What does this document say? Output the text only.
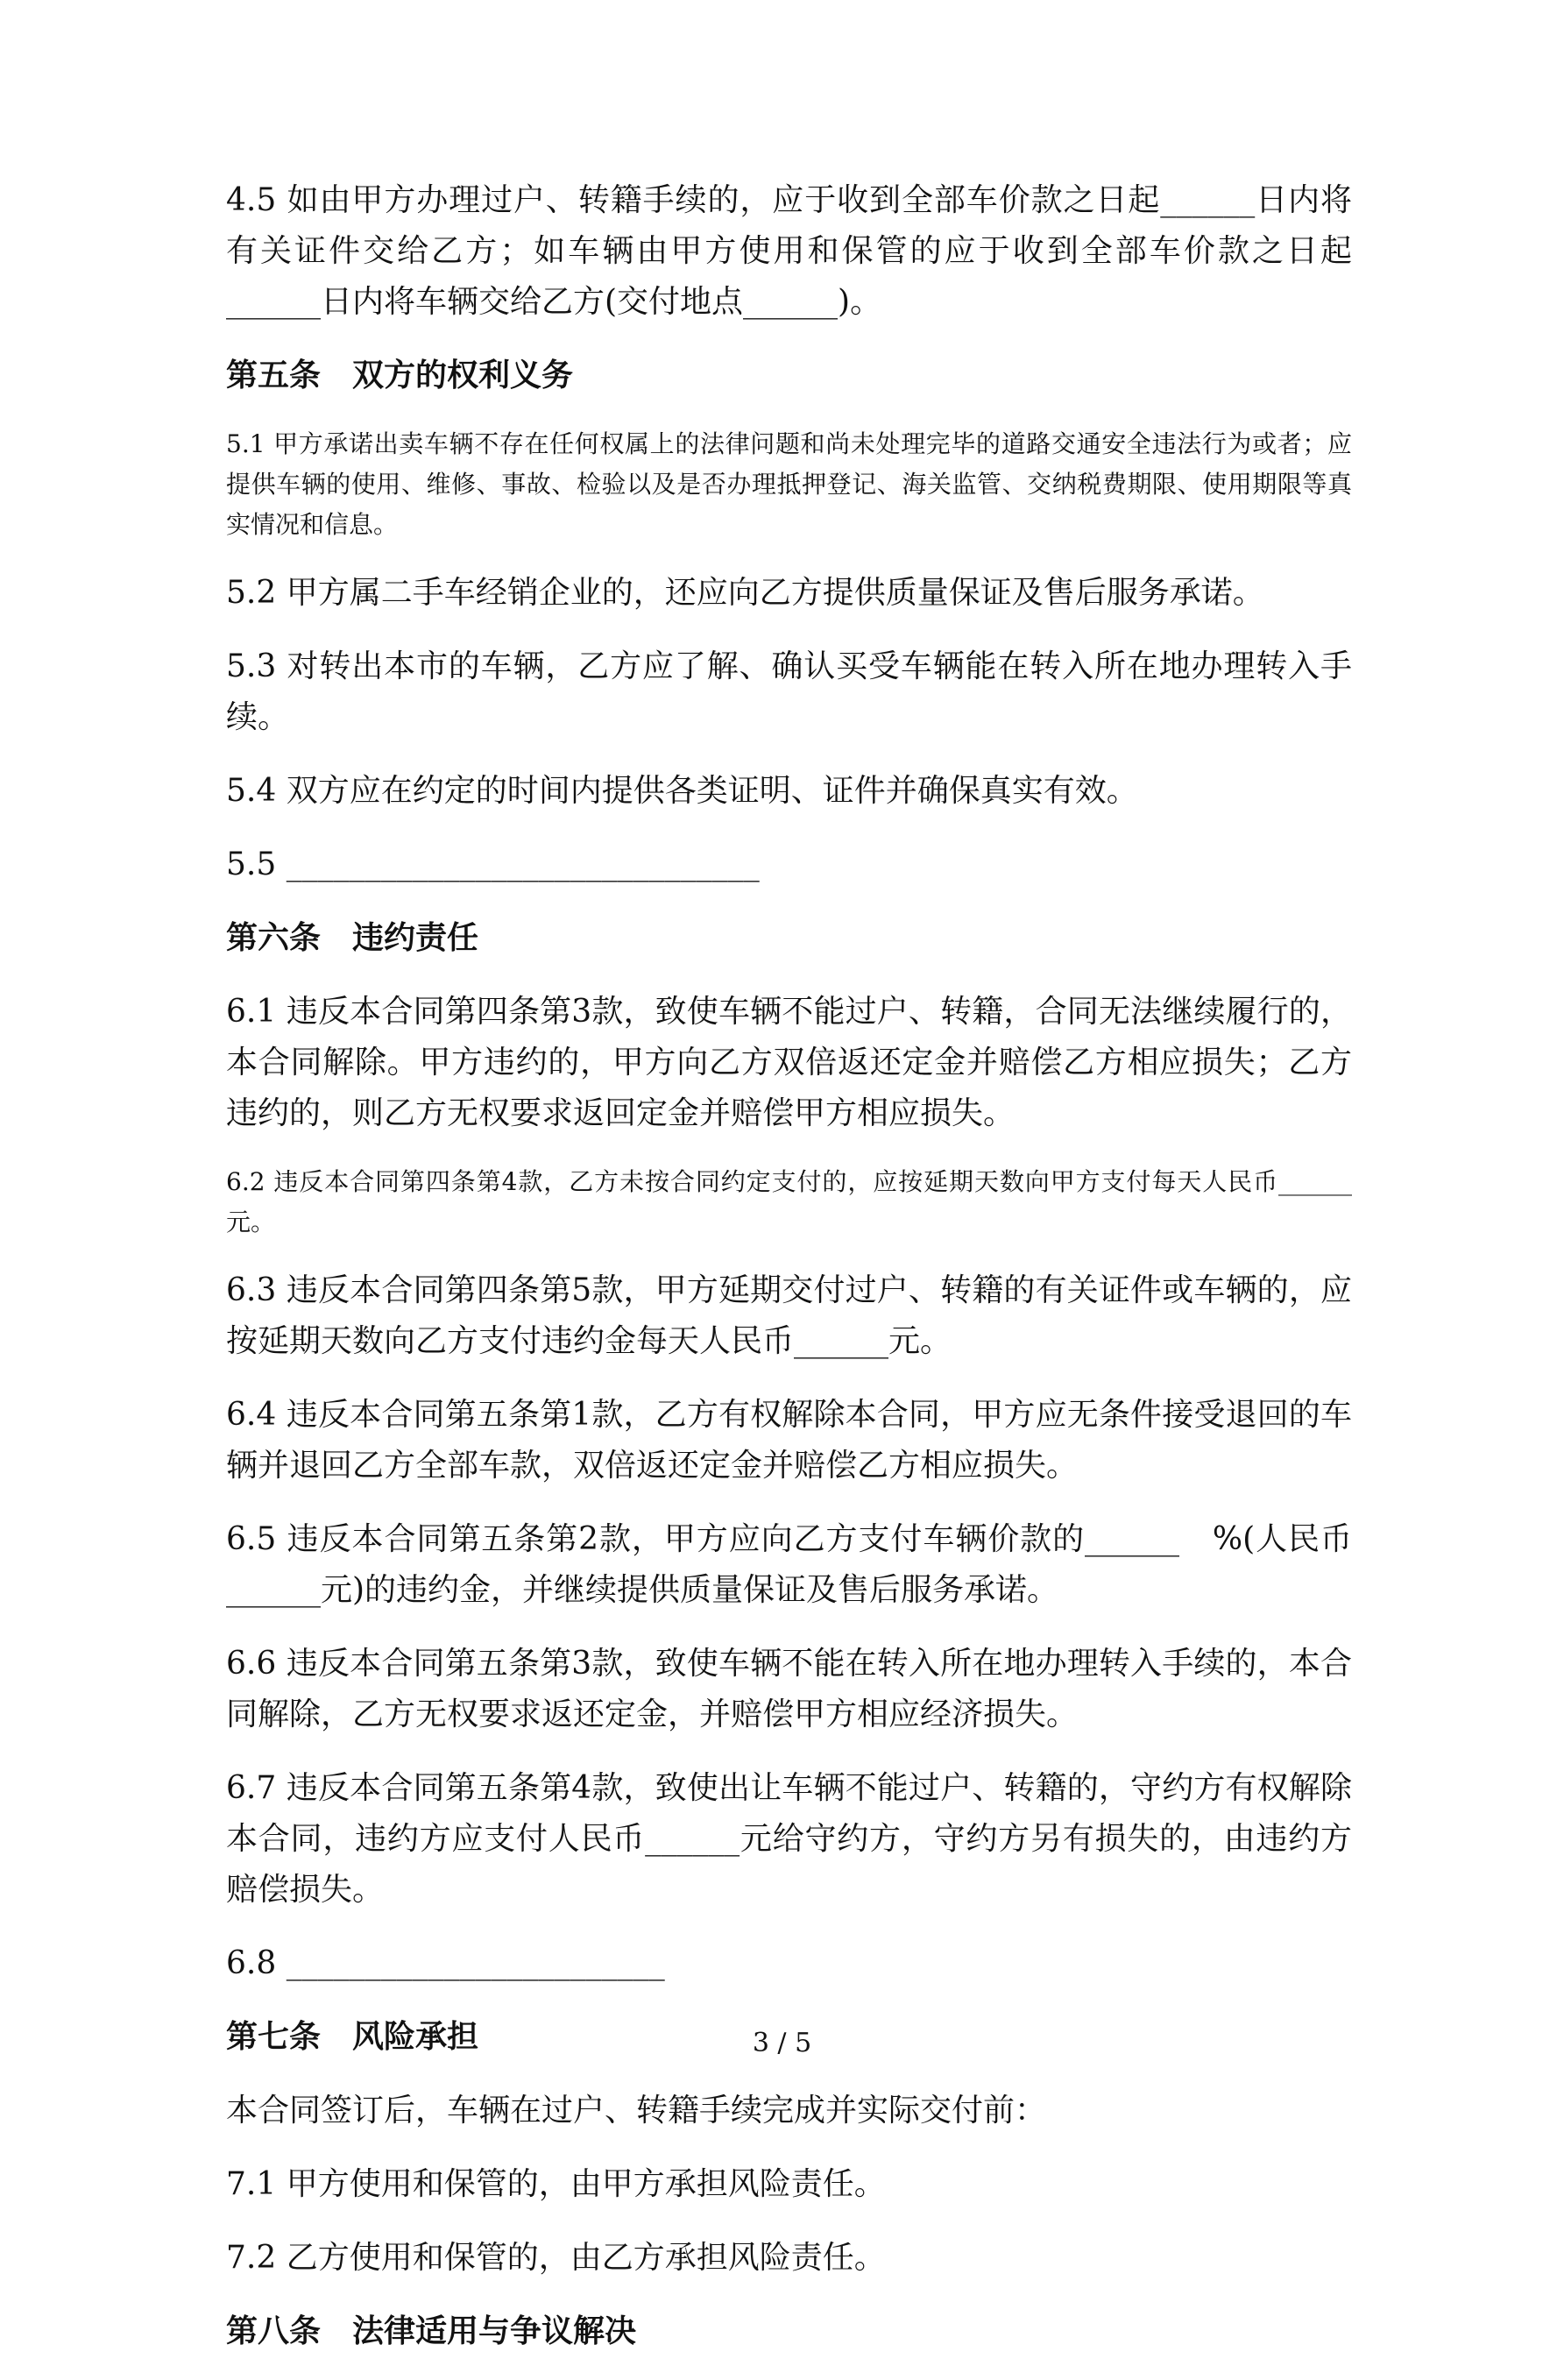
4.5 如由甲方办理过户、转籍手续的，应于收到全部车价款之日起______日内将有关证件交给乙方；如车辆由甲方使用和保管的应于收到全部车价款之日起______日内将车辆交给乙方(交付地点______)。

第五条　双方的权利义务

5.1 甲方承诺出卖车辆不存在任何权属上的法律问题和尚未处理完毕的道路交通安全违法行为或者；应提供车辆的使用、维修、事故、检验以及是否办理抵押登记、海关监管、交纳税费期限、使用期限等真实情况和信息。

5.2 甲方属二手车经销企业的，还应向乙方提供质量保证及售后服务承诺。

5.3 对转出本市的车辆，乙方应了解、确认买受车辆能在转入所在地办理转入手续。

5.4 双方应在约定的时间内提供各类证明、证件并确保真实有效。

5.5 ______________________________

第六条　违约责任

6.1 违反本合同第四条第3款，致使车辆不能过户、转籍，合同无法继续履行的，本合同解除。甲方违约的，甲方向乙方双倍返还定金并赔偿乙方相应损失；乙方违约的，则乙方无权要求返回定金并赔偿甲方相应损失。

6.2 违反本合同第四条第4款，乙方未按合同约定支付的，应按延期天数向甲方支付每天人民币______元。

6.3 违反本合同第四条第5款，甲方延期交付过户、转籍的有关证件或车辆的，应按延期天数向乙方支付违约金每天人民币______元。

6.4 违反本合同第五条第1款，乙方有权解除本合同，甲方应无条件接受退回的车辆并退回乙方全部车款，双倍返还定金并赔偿乙方相应损失。

6.5 违反本合同第五条第2款，甲方应向乙方支付车辆价款的______　%(人民币______元)的违约金，并继续提供质量保证及售后服务承诺。

6.6 违反本合同第五条第3款，致使车辆不能在转入所在地办理转入手续的，本合同解除，乙方无权要求返还定金，并赔偿甲方相应经济损失。

6.7 违反本合同第五条第4款，致使出让车辆不能过户、转籍的，守约方有权解除本合同，违约方应支付人民币______元给守约方，守约方另有损失的，由违约方赔偿损失。

6.8 ________________________

第七条　风险承担

本合同签订后，车辆在过户、转籍手续完成并实际交付前：

7.1 甲方使用和保管的，由甲方承担风险责任。

7.2 乙方使用和保管的，由乙方承担风险责任。

第八条　法律适用与争议解决

3 / 5
